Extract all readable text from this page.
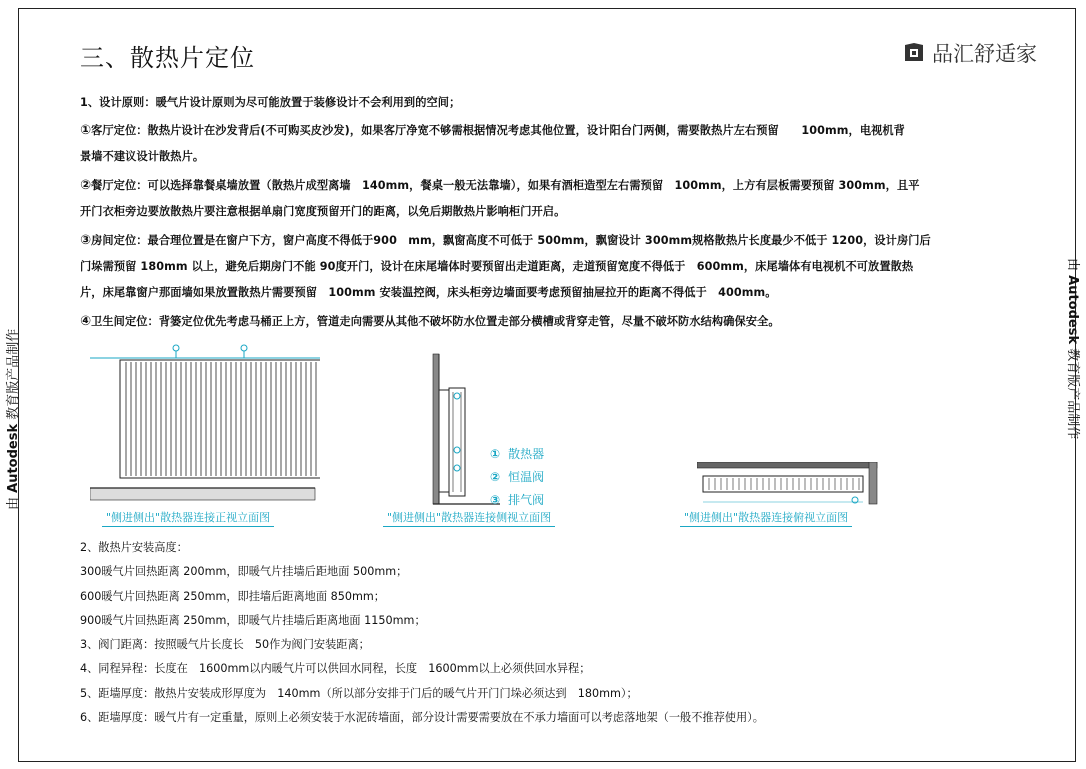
三、散热片定位	品汇舒适家
由 Autodesk 教育版产品制作
由 Autodesk 教育版产品制作
1、设计原则：暖气片设计原则为尽可能放置于装修设计不会利用到的空间；
①客厅定位：散热片设计在沙发背后(不可购买皮沙发)，如果客厅净宽不够需根据情况考虑其他位置，设计阳台门两侧，需要散热片左右预留　　100mm，电视机背
景墙不建议设计散热片。
②餐厅定位：可以选择靠餐桌墙放置（散热片成型离墙　140mm，餐桌一般无法靠墙），如果有酒柜造型左右需预留　100mm，上方有层板需要预留 300mm，且平
开门衣柜旁边要放散热片要注意根据单扇门宽度预留开门的距离，以免后期散热片影响柜门开启。
③房间定位：最合理位置是在窗户下方，窗户高度不得低于900　mm，飘窗高度不可低于 500mm，飘窗设计 300mm规格散热片长度最少不低于 1200，设计房门后
门垛需预留 180mm 以上，避免后期房门不能 90度开门，设计在床尾墙体时要预留出走道距离，走道预留宽度不得低于　600mm，床尾墙体有电视机不可放置散热
片，床尾靠窗户那面墙如果放置散热片需要预留　100mm 安装温控阀，床头柜旁边墙面要考虑预留抽屉拉开的距离不得低于　400mm。
④卫生间定位：背篓定位优先考虑马桶正上方，管道走向需要从其他不破坏防水位置走部分横槽或背穿走管，尽量不破坏防水结构确保安全。
① 散热器
② 恒温阀
③ 排气阀
"侧进侧出"散热器连接正视立面图	"侧进侧出"散热器连接侧视立面图	"侧进侧出"散热器连接俯视立面图
2、散热片安装高度：
300暖气片回热距离 200mm，即暖气片挂墙后距地面 500mm；
600暖气片回热距离 250mm，即挂墙后距离地面 850mm；
900暖气片回热距离 250mm，即暖气片挂墙后距离地面 1150mm；
3、阀门距离：按照暖气片长度长　50作为阀门安装距离；
4、同程异程：长度在　1600mm以内暖气片可以供回水同程，长度　1600mm以上必须供回水异程；
5、距墙厚度：散热片安装成形厚度为　140mm（所以部分安排于门后的暖气片开门门垛必须达到　180mm）；
6、距墙厚度：暖气片有一定重量，原则上必须安装于水泥砖墙面，部分设计需要需要放在不承力墙面可以考虑落地架（一般不推荐使用）。
